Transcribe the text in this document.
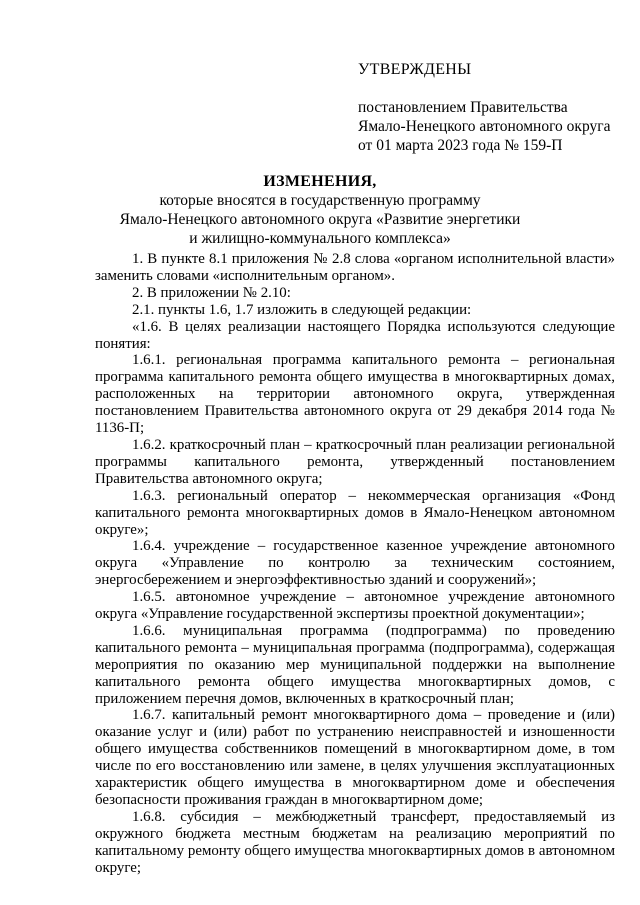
УТВЕРЖДЕНЫ
постановлением Правительства
Ямало-Ненецкого автономного округа
от 01 марта 2023 года № 159-П
ИЗМЕНЕНИЯ,
которые вносятся в государственную программу
Ямало-Ненецкого автономного округа «Развитие энергетики
и жилищно-коммунального комплекса»

1. В пункте 8.1 приложения № 2.8 слова «органом исполнительной власти» заменить словами «исполнительным органом».

2. В приложении № 2.10:

2.1. пункты 1.6, 1.7 изложить в следующей редакции:

«1.6. В целях реализации настоящего Порядка используются следующие понятия:

1.6.1. региональная программа капитального ремонта – региональная программа капитального ремонта общего имущества в многоквартирных домах, расположенных на территории автономного округа, утвержденная постановлением Правительства автономного округа от 29 декабря 2014 года № 1136-П;

1.6.2. краткосрочный план – краткосрочный план реализации региональной программы капитального ремонта, утвержденный постановлением Правительства автономного округа;

1.6.3. региональный оператор – некоммерческая организация «Фонд капитального ремонта многоквартирных домов в Ямало-Ненецком автономном округе»;

1.6.4. учреждение – государственное казенное учреждение автономного округа «Управление по контролю за техническим состоянием, энергосбережением и энергоэффективностью зданий и сооружений»;

1.6.5. автономное учреждение – автономное учреждение автономного округа «Управление государственной экспертизы проектной документации»;

1.6.6. муниципальная программа (подпрограмма) по проведению капитального ремонта – муниципальная программа (подпрограмма), содержащая мероприятия по оказанию мер муниципальной поддержки на выполнение капитального ремонта общего имущества многоквартирных домов, с приложением перечня домов, включенных в краткосрочный план;

1.6.7. капитальный ремонт многоквартирного дома – проведение и (или) оказание услуг и (или) работ по устранению неисправностей и изношенности общего имущества собственников помещений в многоквартирном доме, в том числе по его восстановлению или замене, в целях улучшения эксплуатационных характеристик общего имущества в многоквартирном доме и обеспечения безопасности проживания граждан в многоквартирном доме;

1.6.8. субсидия – межбюджетный трансферт, предоставляемый из окружного бюджета местным бюджетам на реализацию мероприятий по капитальному ремонту общего имущества многоквартирных домов в автономном округе;
